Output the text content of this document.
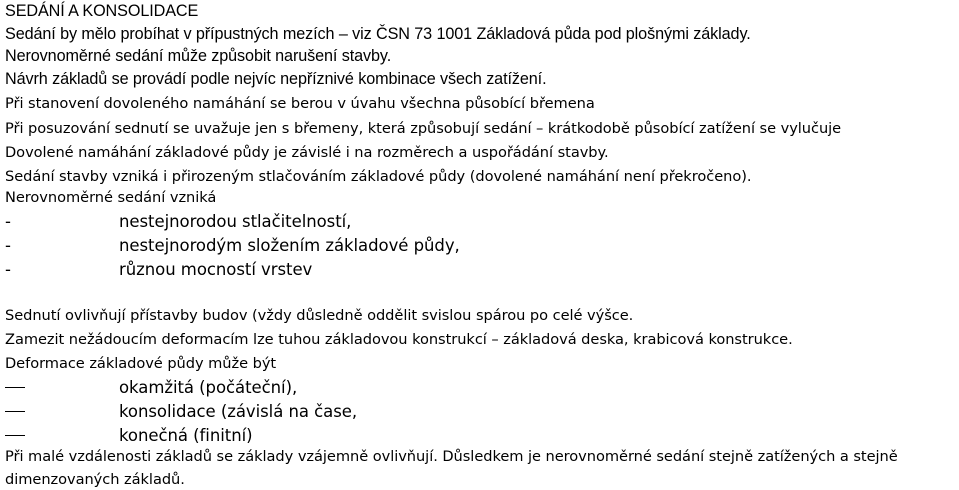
SEDÁNÍ A KONSOLIDACE
Sedání by mělo probíhat v přípustných mezích – viz ČSN 73 1001 Základová půda pod plošnými základy.
Nerovnoměrné sedání může způsobit narušení stavby.
Návrh základů se provádí podle nejvíc nepříznivé kombinace všech zatížení.
Při stanovení dovoleného namáhání se berou v úvahu všechna působící břemena
Při posuzování sednutí se uvažuje jen s břemeny, která způsobují sedání – krátkodobě působící zatížení se vylučuje
Dovolené namáhání základové půdy je závislé i na rozměrech a uspořádání stavby.
Sedání stavby vzniká i přirozeným stlačováním základové půdy (dovolené namáhání není překročeno).
Nerovnoměrné sedání vzniká
-	nestejnorodou stlačitelností,
-	nestejnorodým složením základové půdy,
-	různou mocností vrstev
Sednutí ovlivňují přístavby budov (vždy důsledně oddělit svislou spárou po celé výšce.
Zamezit nežádoucím deformacím lze tuhou základovou konstrukcí – základová deska, krabicová konstrukce.
Deformace základové půdy může být
okamžitá (počáteční),
konsolidace (závislá na čase,
konečná (finitní)
Při malé vzdálenosti základů se základy vzájemně ovlivňují. Důsledkem je nerovnoměrné sedání stejně zatížených a stejně
dimenzovaných základů.
